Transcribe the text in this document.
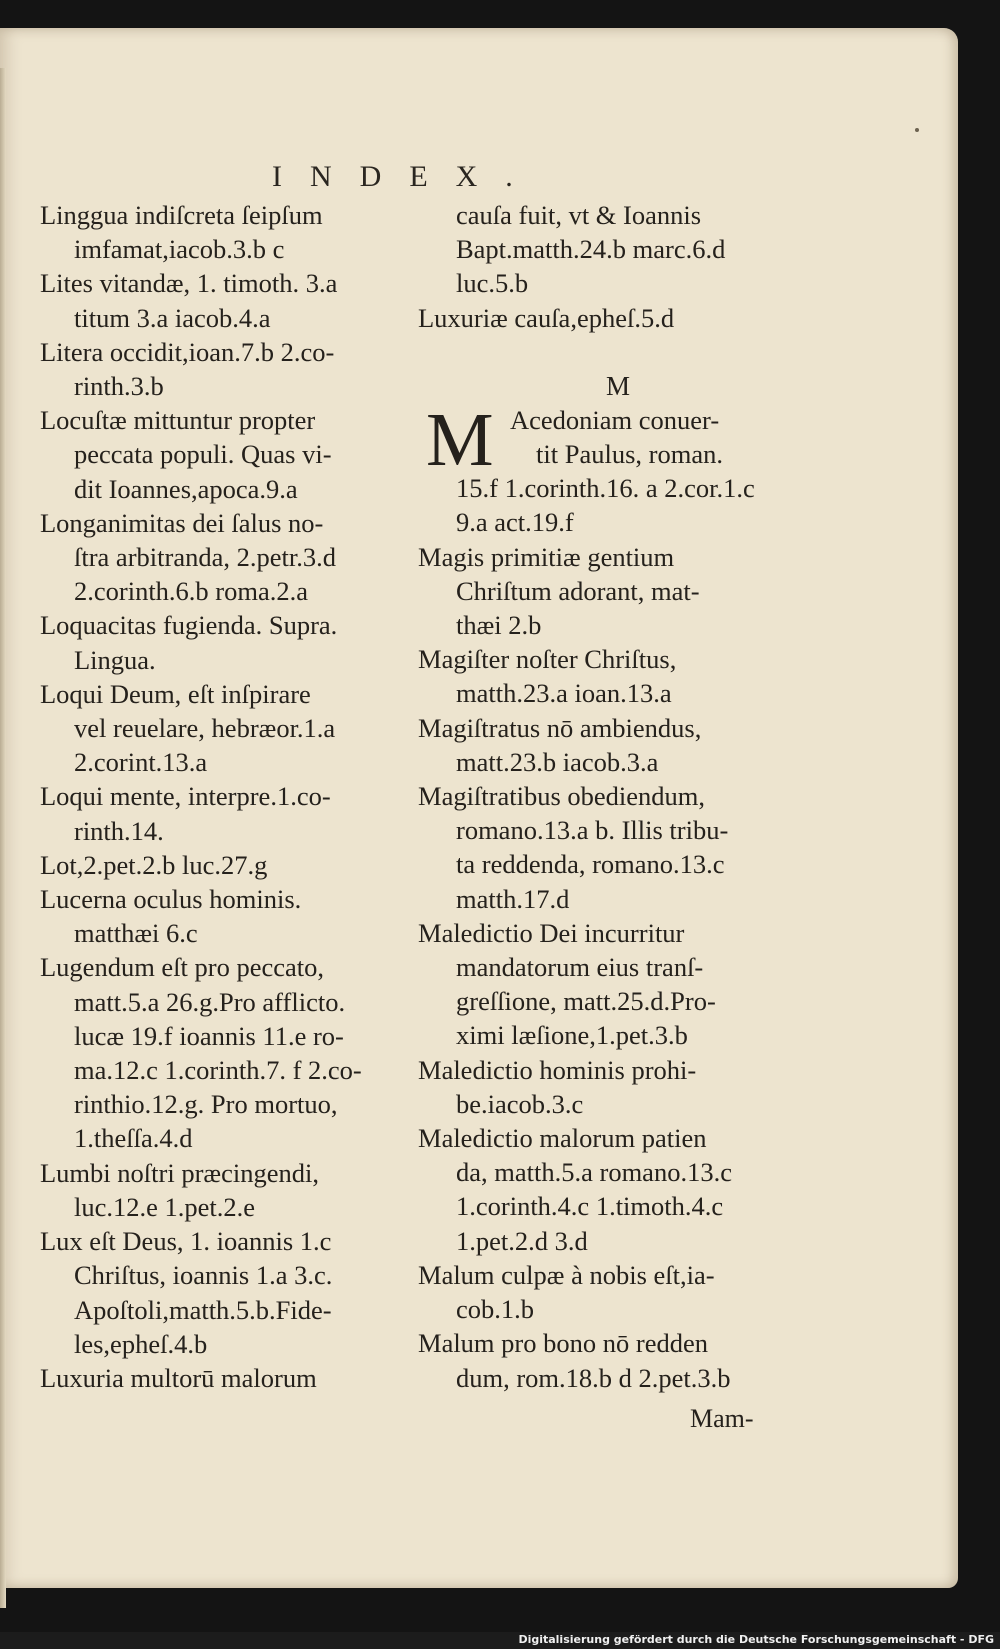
INDEX.

Linggua indiſcreta ſeipſum
imfamat,iacob.3.b c

Lites vitandæ, 1. timoth. 3.a
titum 3.a iacob.4.a

Litera occidit,ioan.7.b 2.co-
rinth.3.b

Locuſtæ mittuntur propter
peccata populi. Quas vi-
dit Ioannes,apoca.9.a

Longanimitas dei ſalus no-
ſtra arbitranda, 2.petr.3.d
2.corinth.6.b roma.2.a

Loquacitas fugienda. Supra.
Lingua.

Loqui Deum, eſt inſpirare
vel reuelare, hebræor.1.a
2.corint.13.a

Loqui mente, interpre.1.co-
rinth.14.

Lot,2.pet.2.b luc.27.g

Lucerna oculus hominis.
matthæi 6.c

Lugendum eſt pro peccato,
matt.5.a 26.g.Pro afflicto.
lucæ 19.f ioannis 11.e ro-
ma.12.c 1.corinth.7. f 2.co-
rinthio.12.g. Pro mortuo,
1.theſſa.4.d

Lumbi noſtri præcingendi,
luc.12.e 1.pet.2.e

Lux eſt Deus, 1. ioannis 1.c
Chriſtus, ioannis 1.a 3.c.
Apoſtoli,matth.5.b.Fide-
les,epheſ.4.b

Luxuria multorū malorum

cauſa fuit, vt & Ioannis
Bapt.matth.24.b marc.6.d
luc.5.b

Luxuriæ cauſa,epheſ.5.d

M
M Acedoniam conuer-
tit Paulus, roman.
15.f 1.corinth.16. a 2.cor.1.c
9.a act.19.f

Magis primitiæ gentium
Chriſtum adorant, mat-
thæi 2.b

Magiſter noſter Chriſtus,
matth.23.a ioan.13.a

Magiſtratus nō ambiendus,
matt.23.b iacob.3.a

Magiſtratibus obediendum,
romano.13.a b. Illis tribu-
ta reddenda, romano.13.c
matth.17.d

Maledictio Dei incurritur
mandatorum eius tranſ-
greſſione, matt.25.d.Pro-
ximi læſione,1.pet.3.b

Maledictio hominis prohi-
be.iacob.3.c

Maledictio malorum patien
da, matth.5.a romano.13.c
1.corinth.4.c 1.timoth.4.c
1.pet.2.d 3.d

Malum culpæ à nobis eſt,ia-
cob.1.b

Malum pro bono nō redden
dum, rom.18.b d 2.pet.3.b

Mam-
Digitalisierung gefördert durch die Deutsche Forschungsgemeinschaft - DFG
